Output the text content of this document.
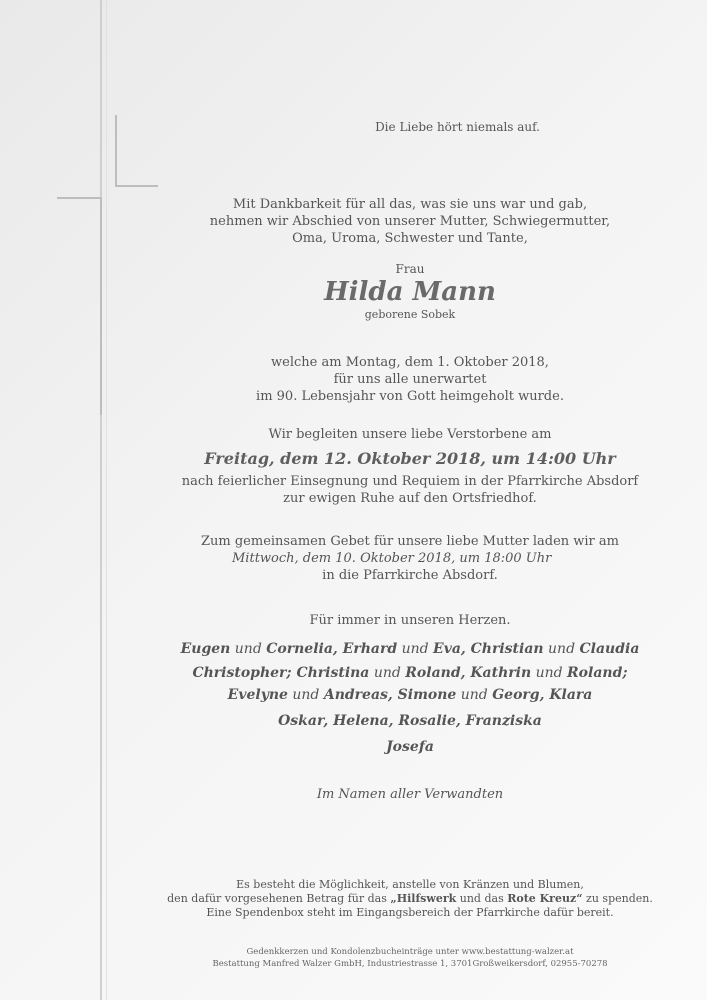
Die Liebe hört niemals auf.
Mit Dankbarkeit für all das, was sie uns war und gab,
nehmen wir Abschied von unserer Mutter, Schwiegermutter,
Oma, Uroma, Schwester und Tante,
Frau
Hilda Mann
geborene Sobek
welche am Montag, dem 1. Oktober 2018,
für uns alle unerwartet
im 90. Lebensjahr von Gott heimgeholt wurde.
Wir begleiten unsere liebe Verstorbene am
Freitag, dem 12. Oktober 2018, um 14:00 Uhr
nach feierlicher Einsegnung und Requiem in der Pfarrkirche Absdorf
zur ewigen Ruhe auf den Ortsfriedhof.
Zum gemeinsamen Gebet für unsere liebe Mutter laden wir am
Mittwoch, dem 10. Oktober 2018, um 18:00 Uhr
in die Pfarrkirche Absdorf.
Für immer in unseren Herzen.
Eugen und Cornelia, Erhard und Eva, Christian und Claudia
Christopher; Christina und Roland, Kathrin und Roland;
Evelyne und Andreas, Simone und Georg, Klara
Oskar, Helena, Rosalie, Franziska
Josefa
Im Namen aller Verwandten
Es besteht die Möglichkeit, anstelle von Kränzen und Blumen,
den dafür vorgesehenen Betrag für das „Hilfswerk und das Rote Kreuz“ zu spenden.
Eine Spendenbox steht im Eingangsbereich der Pfarrkirche dafür bereit.
Gedenkkerzen und Kondolenzbucheinträge unter www.bestattung-walzer.at
Bestattung Manfred Walzer GmbH, Industriestrasse 1, 3701Großweikersdorf, 02955-70278
